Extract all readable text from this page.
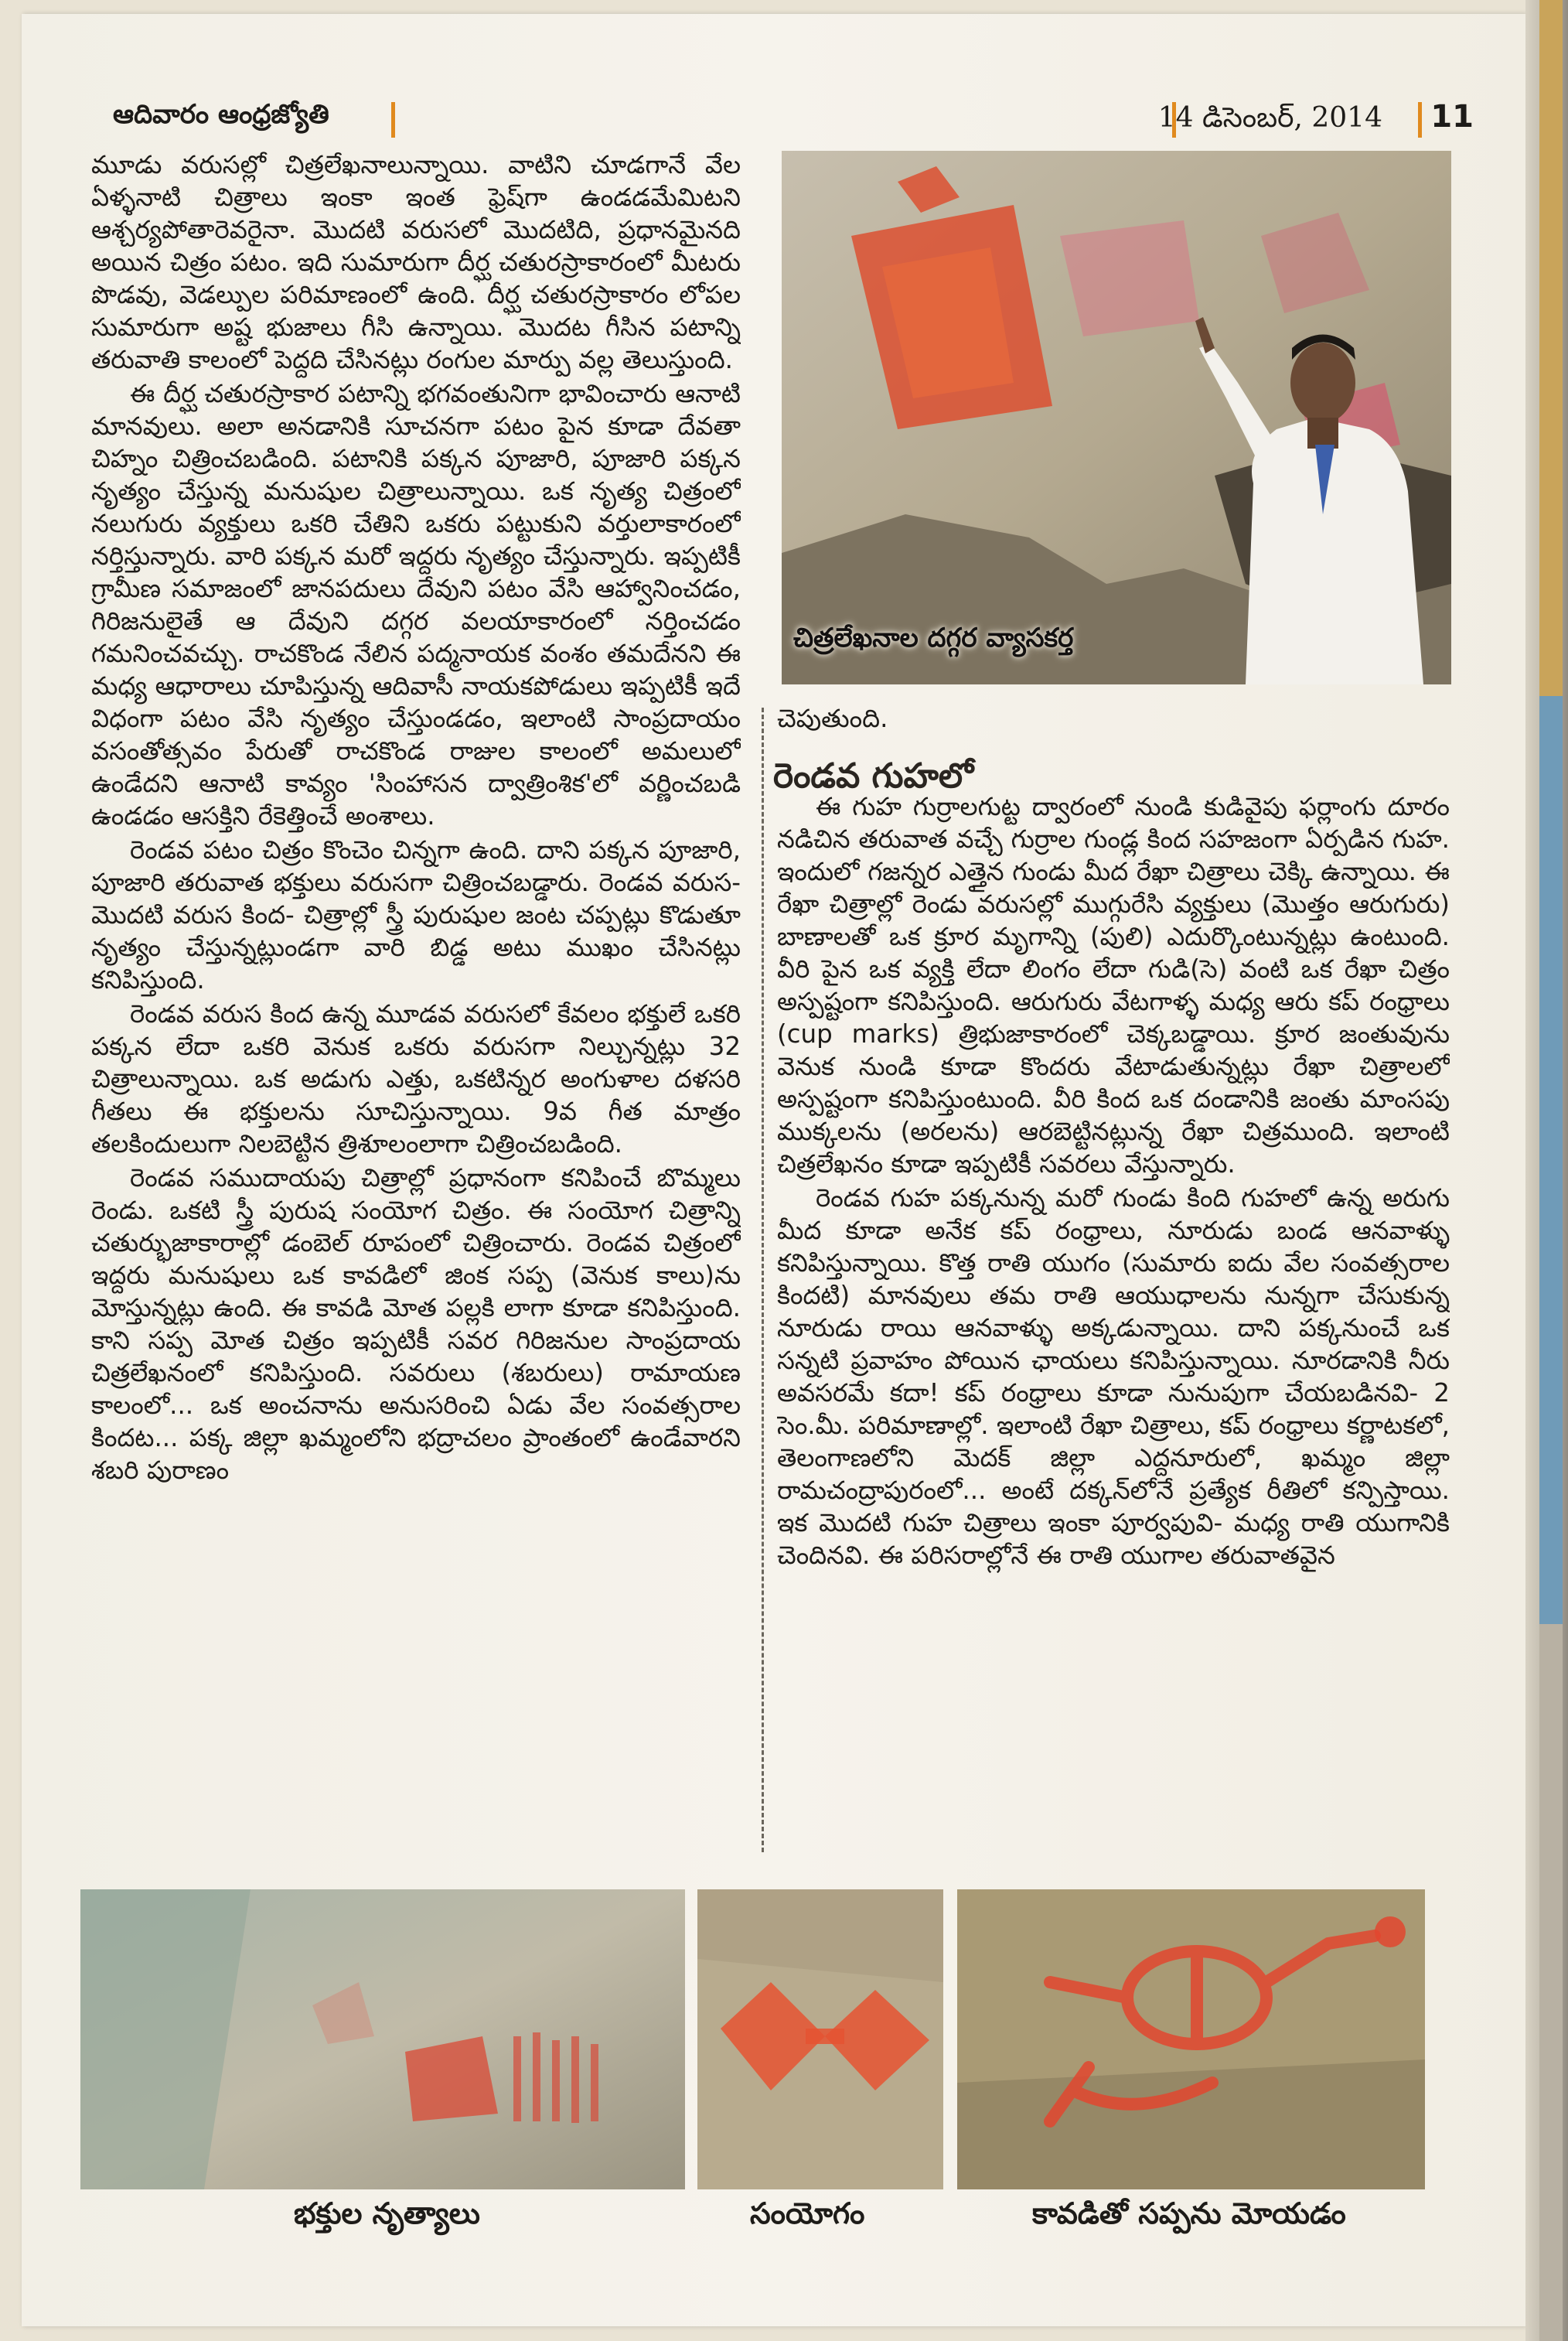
ఆదివారం ఆంధ్రజ్యోతి	14 డిసెంబర్, 2014 11

మూడు వరుసల్లో చిత్రలేఖనాలున్నాయి. వాటిని చూడగానే వేల ఏళ్ళనాటి చిత్రాలు ఇంకా ఇంత ఫ్రెష్‌గా ఉండడమేమిటని ఆశ్చర్యపోతారెవరైనా. మొదటి వరుసలో మొదటిది, ప్రధానమైనది అయిన చిత్రం పటం. ఇది సుమారుగా దీర్ఘ చతురస్రాకారంలో మీటరు పొడవు, వెడల్పుల పరిమాణంలో ఉంది. దీర్ఘ చతురస్రాకారం లోపల సుమారుగా అష్ట భుజాలు గీసి ఉన్నాయి. మొదట గీసిన పటాన్ని తరువాతి కాలంలో పెద్దది చేసినట్లు రంగుల మార్పు వల్ల తెలుస్తుంది.

ఈ దీర్ఘ చతురస్రాకార పటాన్ని భగవంతునిగా భావించారు ఆనాటి మానవులు. అలా అనడానికి సూచనగా పటం పైన కూడా దేవతా చిహ్నం చిత్రించబడింది. పటానికి పక్కన పూజారి, పూజారి పక్కన నృత్యం చేస్తున్న మనుషుల చిత్రాలున్నాయి. ఒక నృత్య చిత్రంలో నలుగురు వ్యక్తులు ఒకరి చేతిని ఒకరు పట్టుకుని వర్తులాకారంలో నర్తిస్తున్నారు. వారి పక్కన మరో ఇద్దరు నృత్యం చేస్తున్నారు. ఇప్పటికీ గ్రామీణ సమాజంలో జానపదులు దేవుని పటం వేసి ఆహ్వానించడం, గిరిజనులైతే ఆ దేవుని దగ్గర వలయాకారంలో నర్తించడం గమనించవచ్చు. రాచకొండ నేలిన పద్మనాయక వంశం తమదేనని ఈ మధ్య ఆధారాలు చూపిస్తున్న ఆదివాసీ నాయకపోడులు ఇప్పటికీ ఇదే విధంగా పటం వేసి నృత్యం చేస్తుండడం, ఇలాంటి సాంప్రదాయం వసంతోత్సవం పేరుతో రాచకొండ రాజుల కాలంలో అమలులో ఉండేదని ఆనాటి కావ్యం 'సింహాసన ద్వాత్రింశిక'లో వర్ణించబడి ఉండడం ఆసక్తిని రేకెత్తించే అంశాలు.

రెండవ పటం చిత్రం కొంచెం చిన్నగా ఉంది. దాని పక్కన పూజారి, పూజారి తరువాత భక్తులు వరుసగా చిత్రించబడ్డారు. రెండవ వరుస- మొదటి వరుస కింద- చిత్రాల్లో స్త్రీ పురుషుల జంట చప్పట్లు కొడుతూ నృత్యం చేస్తున్నట్లుండగా వారి బిడ్డ అటు ముఖం చేసినట్లు కనిపిస్తుంది.

రెండవ వరుస కింద ఉన్న మూడవ వరుసలో కేవలం భక్తులే ఒకరి పక్కన లేదా ఒకరి వెనుక ఒకరు వరుసగా నిల్చున్నట్లు 32 చిత్రాలున్నాయి. ఒక అడుగు ఎత్తు, ఒకటిన్నర అంగుళాల దళసరి గీతలు ఈ భక్తులను సూచిస్తున్నాయి. 9వ గీత మాత్రం తలకిందులుగా నిలబెట్టిన త్రిశూలంలాగా చిత్రించబడింది.

రెండవ సముదాయపు చిత్రాల్లో ప్రధానంగా కనిపించే బొమ్మలు రెండు. ఒకటి స్త్రీ పురుష సంయోగ చిత్రం. ఈ సంయోగ చిత్రాన్ని చతుర్భుజాకారాల్లో డంబెల్ రూపంలో చిత్రించారు. రెండవ చిత్రంలో ఇద్దరు మనుషులు ఒక కావడిలో జింక సప్ప (వెనుక కాలు)ను మోస్తున్నట్లు ఉంది. ఈ కావడి మోత పల్లకి లాగా కూడా కనిపిస్తుంది. కాని సప్ప మోత చిత్రం ఇప్పటికీ సవర గిరిజనుల సాంప్రదాయ చిత్రలేఖనంలో కనిపిస్తుంది. సవరులు (శబరులు) రామాయణ కాలంలో... ఒక అంచనాను అనుసరించి ఏడు వేల సంవత్సరాల కిందట... పక్క జిల్లా ఖమ్మంలోని భద్రాచలం ప్రాంతంలో ఉండేవారని శబరి పురాణం

చిత్రలేఖనాల దగ్గర వ్యాసకర్త

చెపుతుంది.

ఈ గుహ గుర్రాలగుట్ట ద్వారంలో నుండి కుడివైపు ఫర్లాంగు దూరం నడిచిన తరువాత వచ్చే గుర్రాల గుండ్ల కింద సహజంగా ఏర్పడిన గుహ. ఇందులో గజన్నర ఎత్తైన గుండు మీద రేఖా చిత్రాలు చెక్కి ఉన్నాయి. ఈ రేఖా చిత్రాల్లో రెండు వరుసల్లో ముగ్గురేసి వ్యక్తులు (మొత్తం ఆరుగురు) బాణాలతో ఒక క్రూర మృగాన్ని (పులి) ఎదుర్కొంటున్నట్లు ఉంటుంది. వీరి పైన ఒక వ్యక్తి లేదా లింగం లేదా గుడి(సె) వంటి ఒక రేఖా చిత్రం అస్పష్టంగా కనిపిస్తుంది. ఆరుగురు వేటగాళ్ళ మధ్య ఆరు కప్ రంధ్రాలు (cup marks) త్రిభుజాకారంలో చెక్కబడ్డాయి. క్రూర జంతువును వెనుక నుండి కూడా కొందరు వేటాడుతున్నట్లు రేఖా చిత్రాలలో అస్పష్టంగా కనిపిస్తుంటుంది. వీరి కింద ఒక దండానికి జంతు మాంసపు ముక్కలను (అరలను) ఆరబెట్టినట్లున్న రేఖా చిత్రముంది. ఇలాంటి చిత్రలేఖనం కూడా ఇప్పటికీ సవరలు వేస్తున్నారు.

రెండవ గుహ పక్కనున్న మరో గుండు కింది గుహలో ఉన్న అరుగు మీద కూడా అనేక కప్ రంధ్రాలు, నూరుడు బండ ఆనవాళ్ళు కనిపిస్తున్నాయి. కొత్త రాతి యుగం (సుమారు ఐదు వేల సంవత్సరాల కిందటి) మానవులు తమ రాతి ఆయుధాలను నున్నగా చేసుకున్న నూరుడు రాయి ఆనవాళ్ళు అక్కడున్నాయి. దాని పక్కనుంచే ఒక సన్నటి ప్రవాహం పోయిన ఛాయలు కనిపిస్తున్నాయి. నూరడానికి నీరు అవసరమే కదా! కప్ రంధ్రాలు కూడా నునుపుగా చేయబడినవి- 2 సెం.మీ. పరిమాణాల్లో. ఇలాంటి రేఖా చిత్రాలు, కప్ రంధ్రాలు కర్ణాటకలో, తెలంగాణలోని మెదక్ జిల్లా ఎద్దనూరులో, ఖమ్మం జిల్లా రామచంద్రాపురంలో... అంటే దక్కన్‌లోనే ప్రత్యేక రీతిలో కన్పిస్తాయి. ఇక మొదటి గుహ చిత్రాలు ఇంకా పూర్వపువి- మధ్య రాతి యుగానికి చెందినవి. ఈ పరిసరాల్లోనే ఈ రాతి యుగాల తరువాతవైన

రెండవ గుహలో
భక్తుల నృత్యాలు	సంయోగం	కావడితో సప్పను మోయడం
